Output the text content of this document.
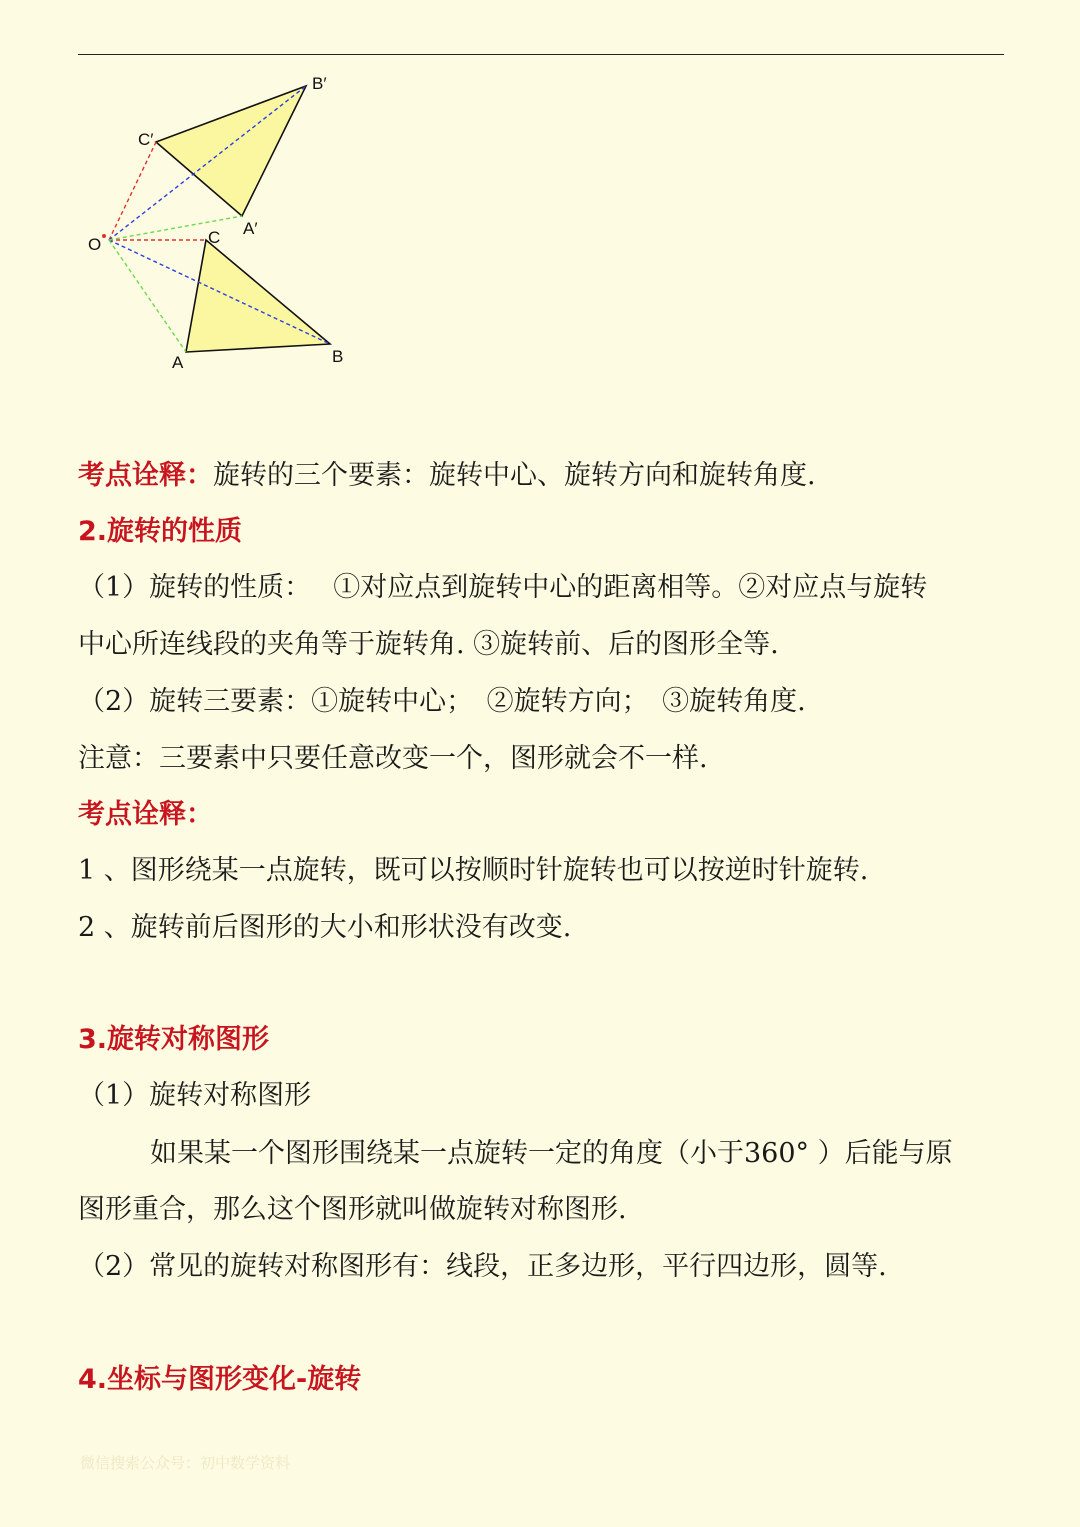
B′
C′
A′
O	C
A	B
考点诠释：旋转的三个要素：旋转中心、旋转方向和旋转角度.
2.旋转的性质
（1）旋转的性质：　 ①对应点到旋转中心的距离相等。②对应点与旋转
中心所连线段的夹角等于旋转角. ③旋转前、后的图形全等.
（2）旋转三要素：①旋转中心；　②旋转方向；　③旋转角度.
注意：三要素中只要任意改变一个，图形就会不一样.
考点诠释：
1 、图形绕某一点旋转，既可以按顺时针旋转也可以按逆时针旋转.
2 、旋转前后图形的大小和形状没有改变.
3.旋转对称图形
（1）旋转对称图形
如果某一个图形围绕某一点旋转一定的角度（小于360° ）后能与原
图形重合，那么这个图形就叫做旋转对称图形.
（2）常见的旋转对称图形有：线段，正多边形，平行四边形，圆等.
4.坐标与图形变化-旋转
微信搜索公众号：初中数学资料
